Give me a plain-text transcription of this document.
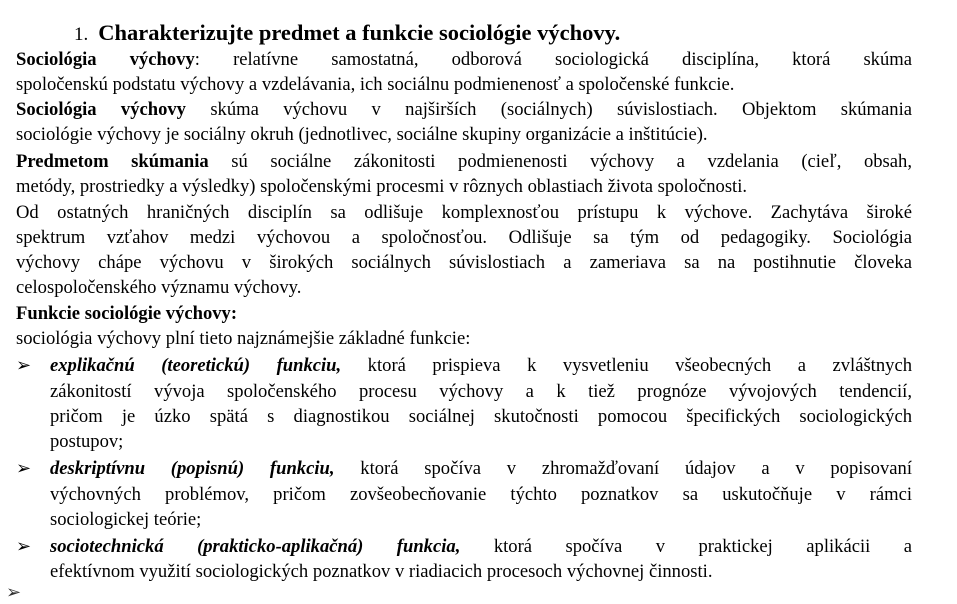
1. Charakterizujte predmet a funkcie sociológie výchovy.
Sociológia výchovy: relatívne samostatná, odborová sociologická disciplína, ktorá skúma
spoločenskú podstatu výchovy a vzdelávania, ich sociálnu podmienenosť a spoločenské funkcie.
Sociológia výchovy skúma výchovu v najširších (sociálnych) súvislostiach. Objektom skúmania
sociológie výchovy je sociálny okruh (jednotlivec, sociálne skupiny organizácie a inštitúcie).
Predmetom skúmania sú sociálne zákonitosti podmienenosti výchovy a vzdelania (cieľ, obsah,
metódy, prostriedky a výsledky) spoločenskými procesmi v rôznych oblastiach života spoločnosti.
Od ostatných hraničných disciplín sa odlišuje komplexnosťou prístupu k výchove. Zachytáva široké
spektrum vzťahov medzi výchovou a spoločnosťou. Odlišuje sa tým od pedagogiky. Sociológia
výchovy chápe výchovu v širokých sociálnych súvislostiach a zameriava sa na postihnutie človeka
celospoločenského významu výchovy.
Funkcie sociológie výchovy:
sociológia výchovy plní tieto najznámejšie základné funkcie:
➢ explikačnú (teoretickú) funkciu, ktorá prispieva k vysvetleniu všeobecných a zvláštnych
zákonitostí vývoja spoločenského procesu výchovy a k tiež prognóze vývojových tendencií,
pričom je úzko spätá s diagnostikou sociálnej skutočnosti pomocou špecifických sociologických
postupov;
➢ deskriptívnu (popisnú) funkciu, ktorá spočíva v zhromažďovaní údajov a v popisovaní
výchovných problémov, pričom zovšeobecňovanie týchto poznatkov sa uskutočňuje v rámci
sociologickej teórie;
➢ sociotechnická (prakticko-aplikačná) funkcia, ktorá spočíva v praktickej aplikácii a
efektívnom využití sociologických poznatkov v riadiacich procesoch výchovnej činnosti.
➢
